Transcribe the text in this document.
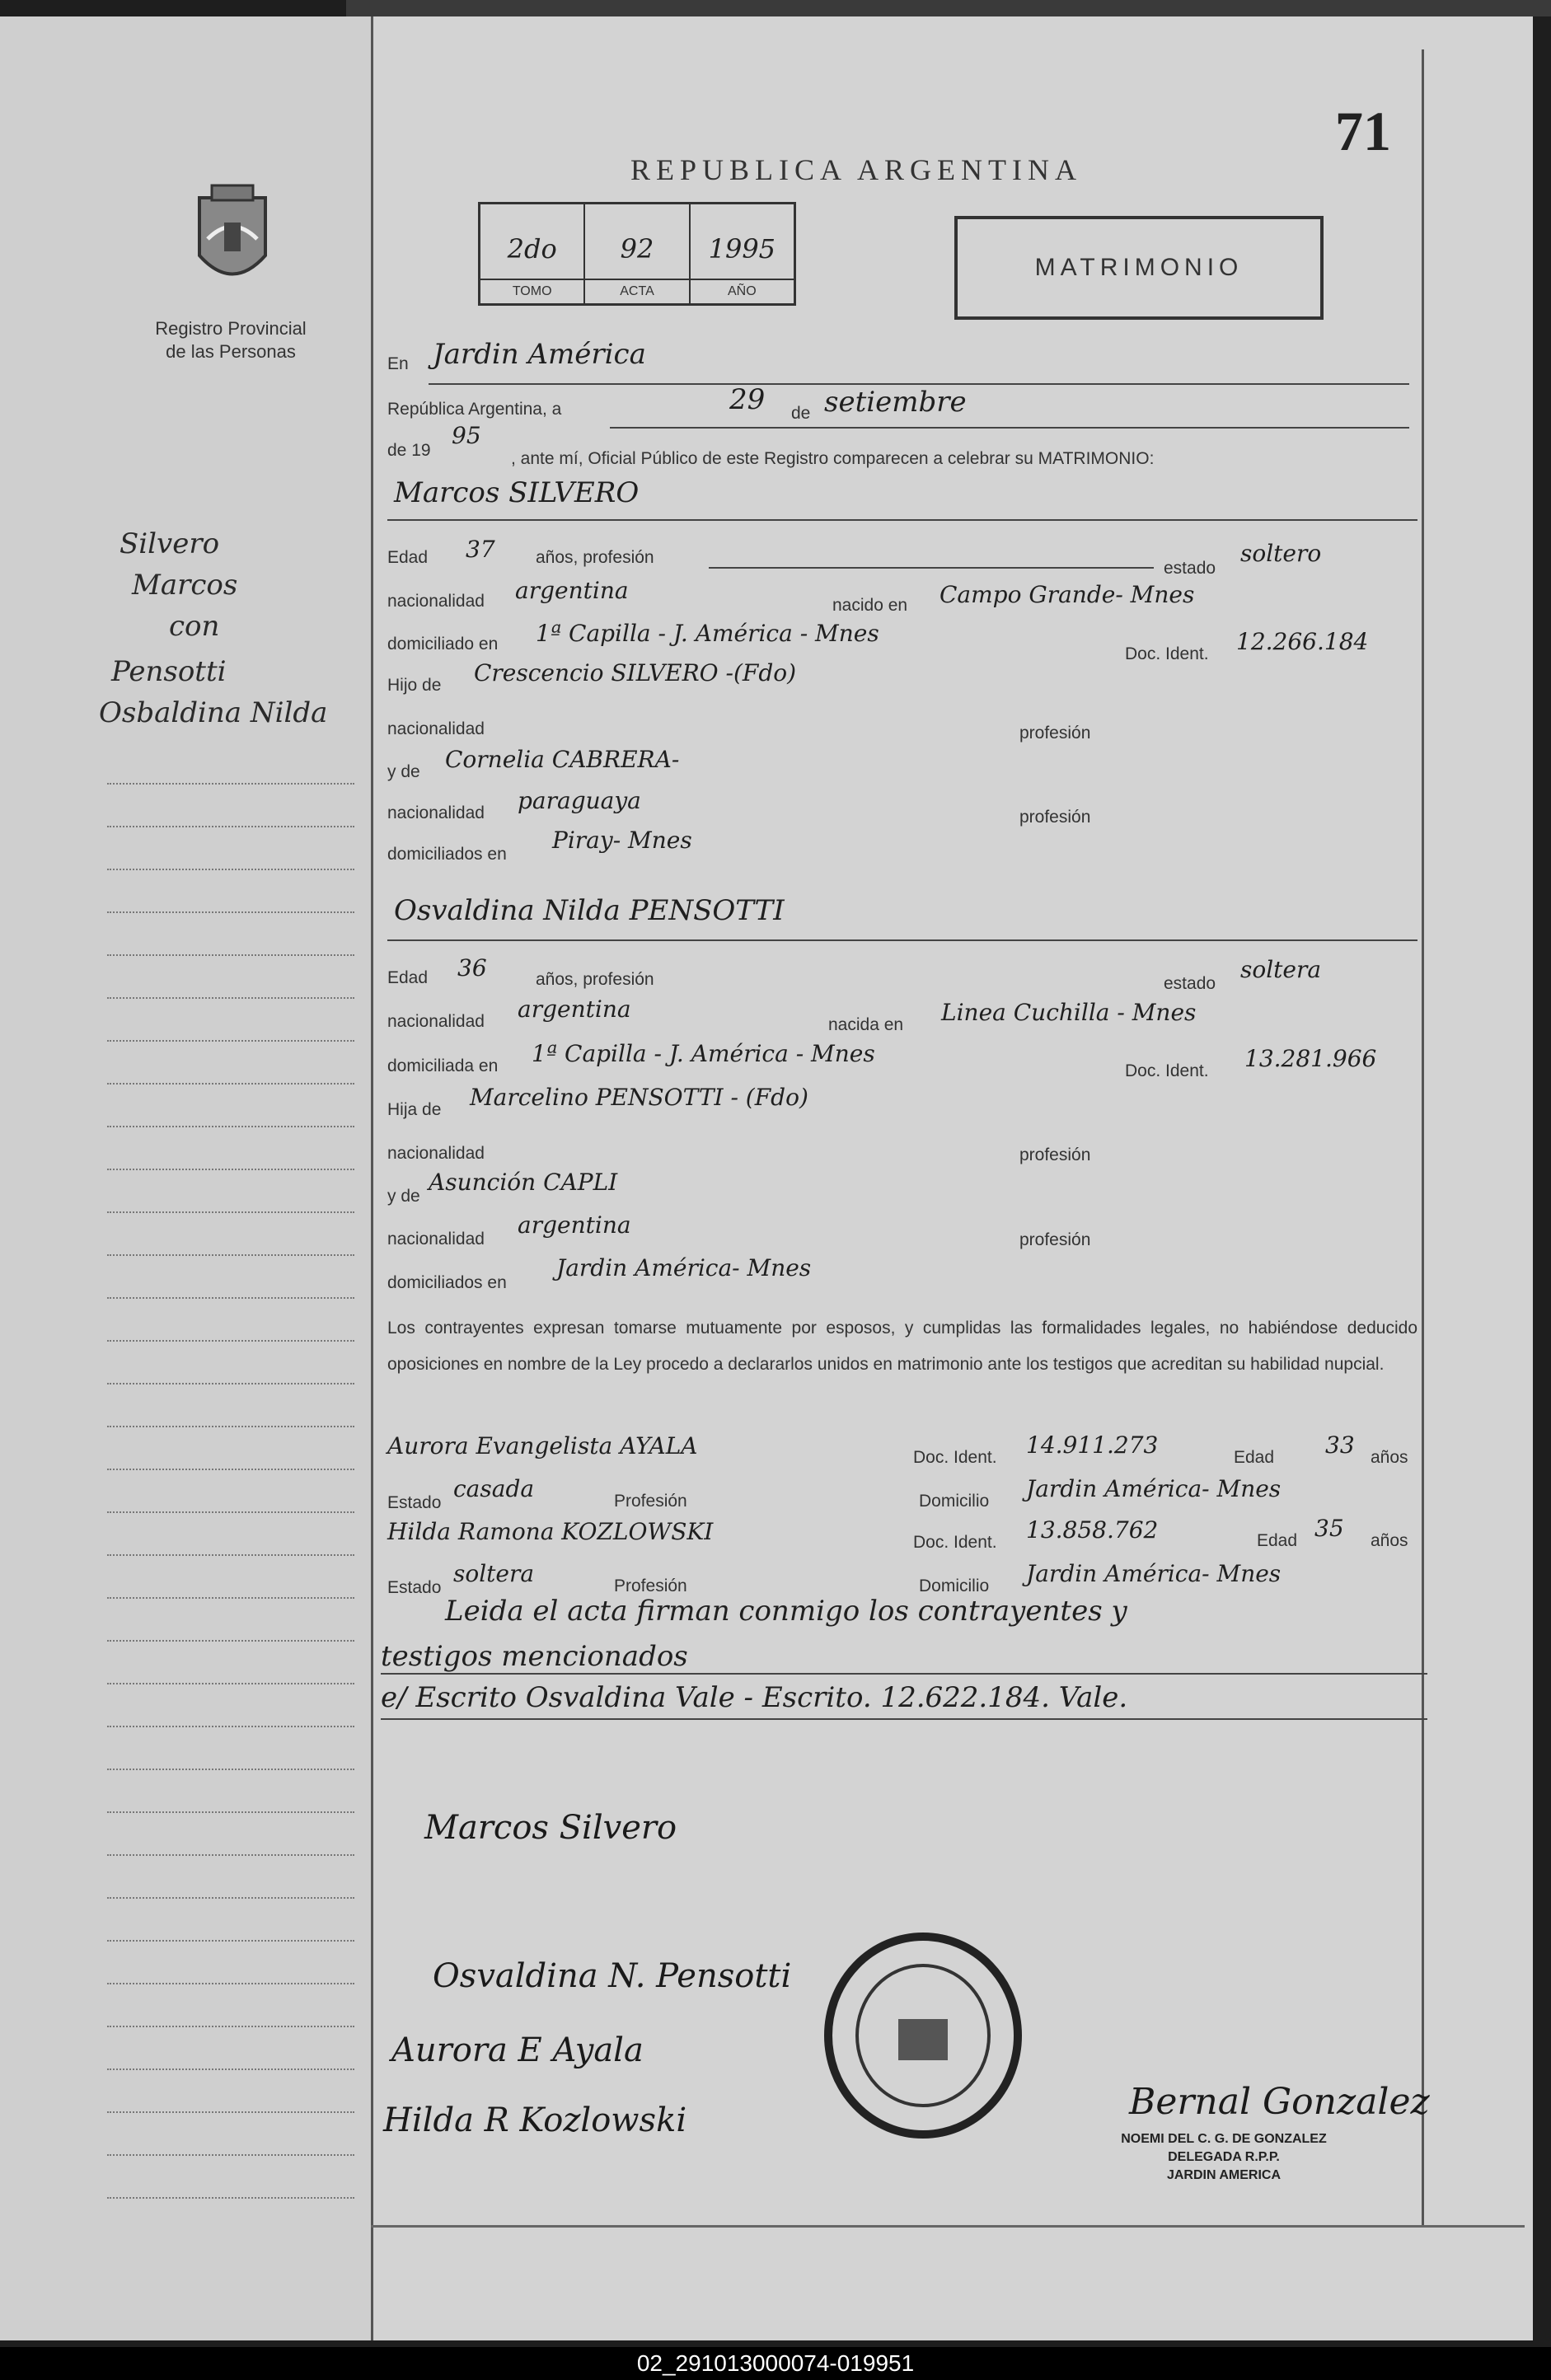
71
REPUBLICA ARGENTINA
Registro Provincial
de las Personas
2do
TOMO
92
ACTA
1995
AÑO
MATRIMONIO
Silvero
Marcos
con
Pensotti
Osbaldina Nilda
En Jardin América
República Argentina, a	29 de setiembre
de 19
95
, ante mí, Oficial Público de este Registro comparecen a celebrar su MATRIMONIO:
Marcos SILVERO
Edad 37 años, profesión
estado
soltero
nacionalidad argentina
nacido en Campo Grande- Mnes
domiciliado en 1ª Capilla - J. América - Mnes
Doc. Ident. 12.266.184
Hijo de Crescencio SILVERO -(Fdo)
nacionalidad	profesión
y de Cornelia CABRERA-
nacionalidad paraguaya
profesión
domiciliados en
Piray- Mnes
Osvaldina Nilda PENSOTTI
Edad 36	años, profesión	estado
soltera
nacionalidad argentina
nacida en Linea Cuchilla - Mnes
domiciliada en 1ª Capilla - J. América - Mnes
Doc. Ident. 13.281.966
Hija de Marcelino PENSOTTI - (Fdo)
nacionalidad	profesión
y de
Asunción CAPLI
nacionalidad
argentina
profesión
domiciliados en
Jardin América- Mnes
Los contrayentes expresan tomarse mutuamente por esposos, y cumplidas las formalidades legales, no habiéndose deducido oposiciones en nombre de la Ley procedo a declararlos unidos en matrimonio ante los testigos que acreditan su habilidad nupcial.
Aurora Evangelista AYALA	Doc. Ident. 14.911.273	Edad 33 años
Estado
casada	Profesión	Domicilio Jardin América- Mnes
Hilda Ramona KOZLOWSKI	Doc. Ident. 13.858.762	Edad 35 años
Estado
soltera	Profesión	Domicilio Jardin América- Mnes
Leida el acta firman conmigo los contrayentes y
testigos mencionados
e/ Escrito Osvaldina Vale - Escrito. 12.622.184. Vale.
Marcos Silvero
Osvaldina N. Pensotti
Aurora E Ayala
Hilda R Kozlowski	Bernal Gonzalez
NOEMI DEL C. G. DE GONZALEZ
DELEGADA R.P.P.
JARDIN AMERICA
02_291013000074-019951
